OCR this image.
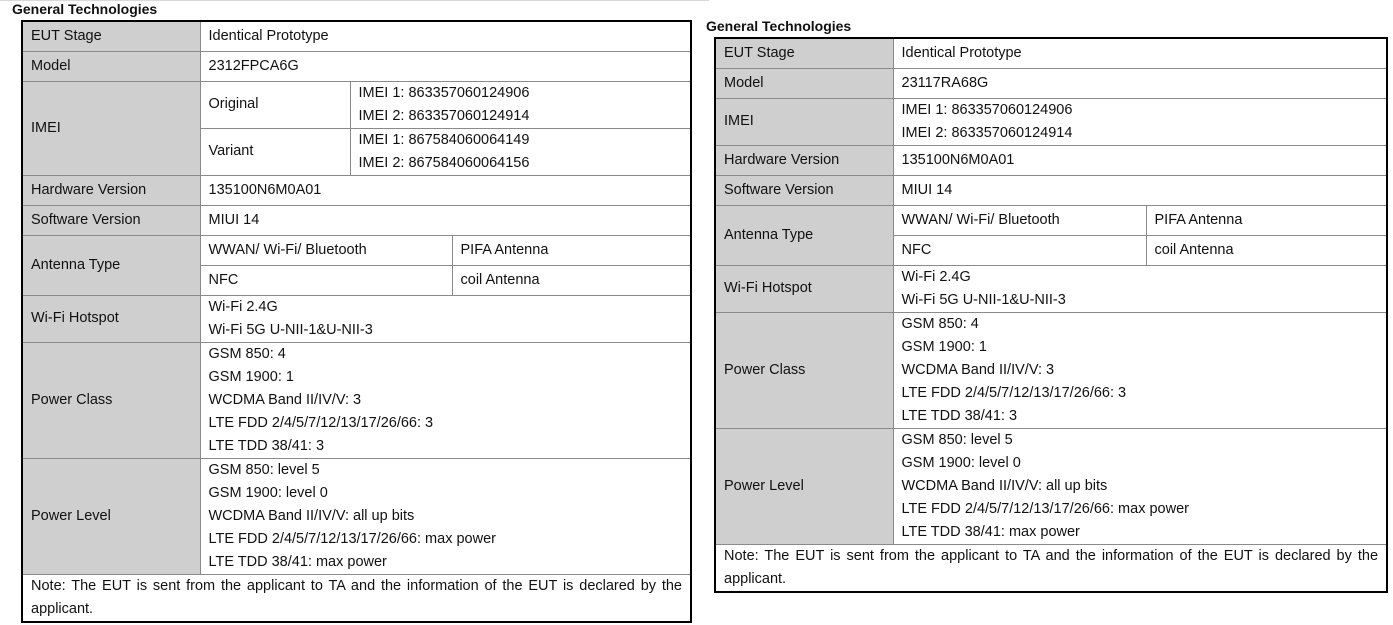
General Technologies
EUT Stage	Identical Prototype		
Model	2312FPCA6G		
IMEI	Original	IMEI 1: 863357060124906
IMEI 2: 863357060124914	

	Variant	IMEI 1: 867584060064149
IMEI 2: 867584060064156	

Hardware Version	135100N6M0A01		
Software Version	MIUI 14		
Antenna Type	WWAN/ Wi-Fi/ Bluetooth		PIFA Antenna
	NFC		coil Antenna
Wi-Fi Hotspot	Wi-Fi 2.4G
Wi-Fi 5G U-NII-1&U-NII-3		

Power Class	GSM 850: 4
GSM 1900: 1
WCDMA Band II/IV/V: 3
LTE FDD 2/4/5/7/12/13/17/26/66: 3
LTE TDD 38/41: 3		

Power Level	GSM 850: level 5
GSM 1900: level 0
WCDMA Band II/IV/V: all up bits
LTE FDD 2/4/5/7/12/13/17/26/66: max power
LTE TDD 38/41: max power		

Note: The EUT is sent from the applicant to TA and the information of the EUT is declared by the applicant.			
General Technologies
EUT Stage	Identical Prototype	
Model	23117RA68G	
IMEI	IMEI 1: 863357060124906
IMEI 2: 863357060124914	

Hardware Version	135100N6M0A01	
Software Version	MIUI 14	
Antenna Type	WWAN/ Wi-Fi/ Bluetooth	PIFA Antenna
	NFC	coil Antenna
Wi-Fi Hotspot	Wi-Fi 2.4G
Wi-Fi 5G U-NII-1&U-NII-3	

Power Class	GSM 850: 4
GSM 1900: 1
WCDMA Band II/IV/V: 3
LTE FDD 2/4/5/7/12/13/17/26/66: 3
LTE TDD 38/41: 3	

Power Level	GSM 850: level 5
GSM 1900: level 0
WCDMA Band II/IV/V: all up bits
LTE FDD 2/4/5/7/12/13/17/26/66: max power
LTE TDD 38/41: max power	

Note: The EUT is sent from the applicant to TA and the information of the EUT is declared by the applicant.		
